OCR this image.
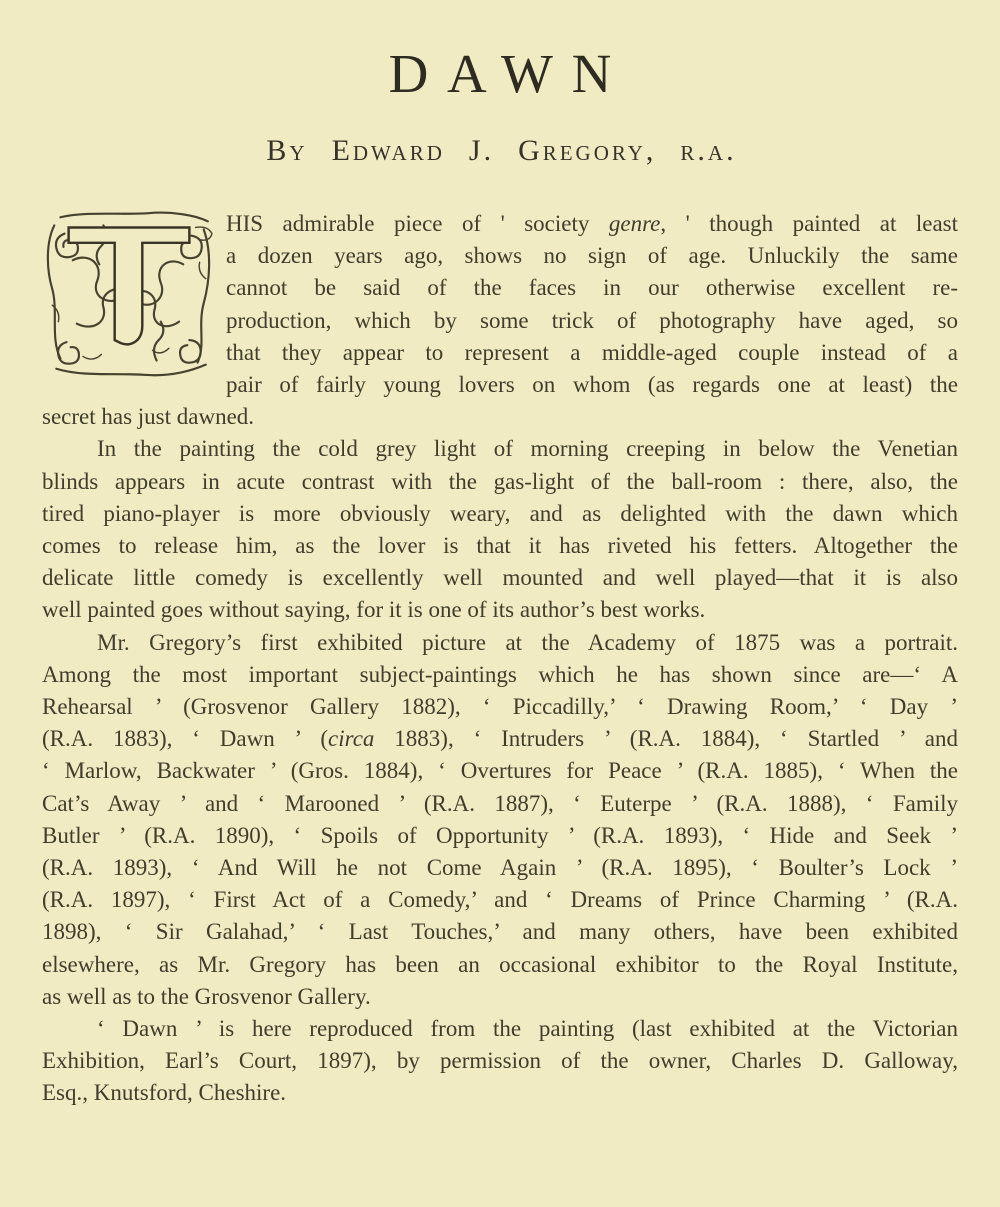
DAWN
By Edward J. Gregory, r.a.
HIS admirable piece of ' society genre, ' though painted at least
a dozen years ago, shows no sign of age. Unluckily the same
cannot be said of the faces in our otherwise excellent re-
production, which by some trick of photography have aged, so
that they appear to represent a middle-aged couple instead of a
pair of fairly young lovers on whom (as regards one at least) the
secret has just dawned.
In the painting the cold grey light of morning creeping in below the Venetian
blinds appears in acute contrast with the gas-light of the ball-room : there, also, the
tired piano-player is more obviously weary, and as delighted with the dawn which
comes to release him, as the lover is that it has riveted his fetters. Altogether the
delicate little comedy is excellently well mounted and well played—that it is also
well painted goes without saying, for it is one of its author’s best works.
Mr. Gregory’s first exhibited picture at the Academy of 1875 was a portrait.
Among the most important subject-paintings which he has shown since are—‘ A
Rehearsal ’ (Grosvenor Gallery 1882), ‘ Piccadilly,’ ‘ Drawing Room,’ ‘ Day ’
(R.A. 1883), ‘ Dawn ’ (circa 1883), ‘ Intruders ’ (R.A. 1884), ‘ Startled ’ and
‘ Marlow, Backwater ’ (Gros. 1884), ‘ Overtures for Peace ’ (R.A. 1885), ‘ When the
Cat’s Away ’ and ‘ Marooned ’ (R.A. 1887), ‘ Euterpe ’ (R.A. 1888), ‘ Family
Butler ’ (R.A. 1890), ‘ Spoils of Opportunity ’ (R.A. 1893), ‘ Hide and Seek ’
(R.A. 1893), ‘ And Will he not Come Again ’ (R.A. 1895), ‘ Boulter’s Lock ’
(R.A. 1897), ‘ First Act of a Comedy,’ and ‘ Dreams of Prince Charming ’ (R.A.
1898), ‘ Sir Galahad,’ ‘ Last Touches,’ and many others, have been exhibited
elsewhere, as Mr. Gregory has been an occasional exhibitor to the Royal Institute,
as well as to the Grosvenor Gallery.
‘ Dawn ’ is here reproduced from the painting (last exhibited at the Victorian
Exhibition, Earl’s Court, 1897), by permission of the owner, Charles D. Galloway,
Esq., Knutsford, Cheshire.
